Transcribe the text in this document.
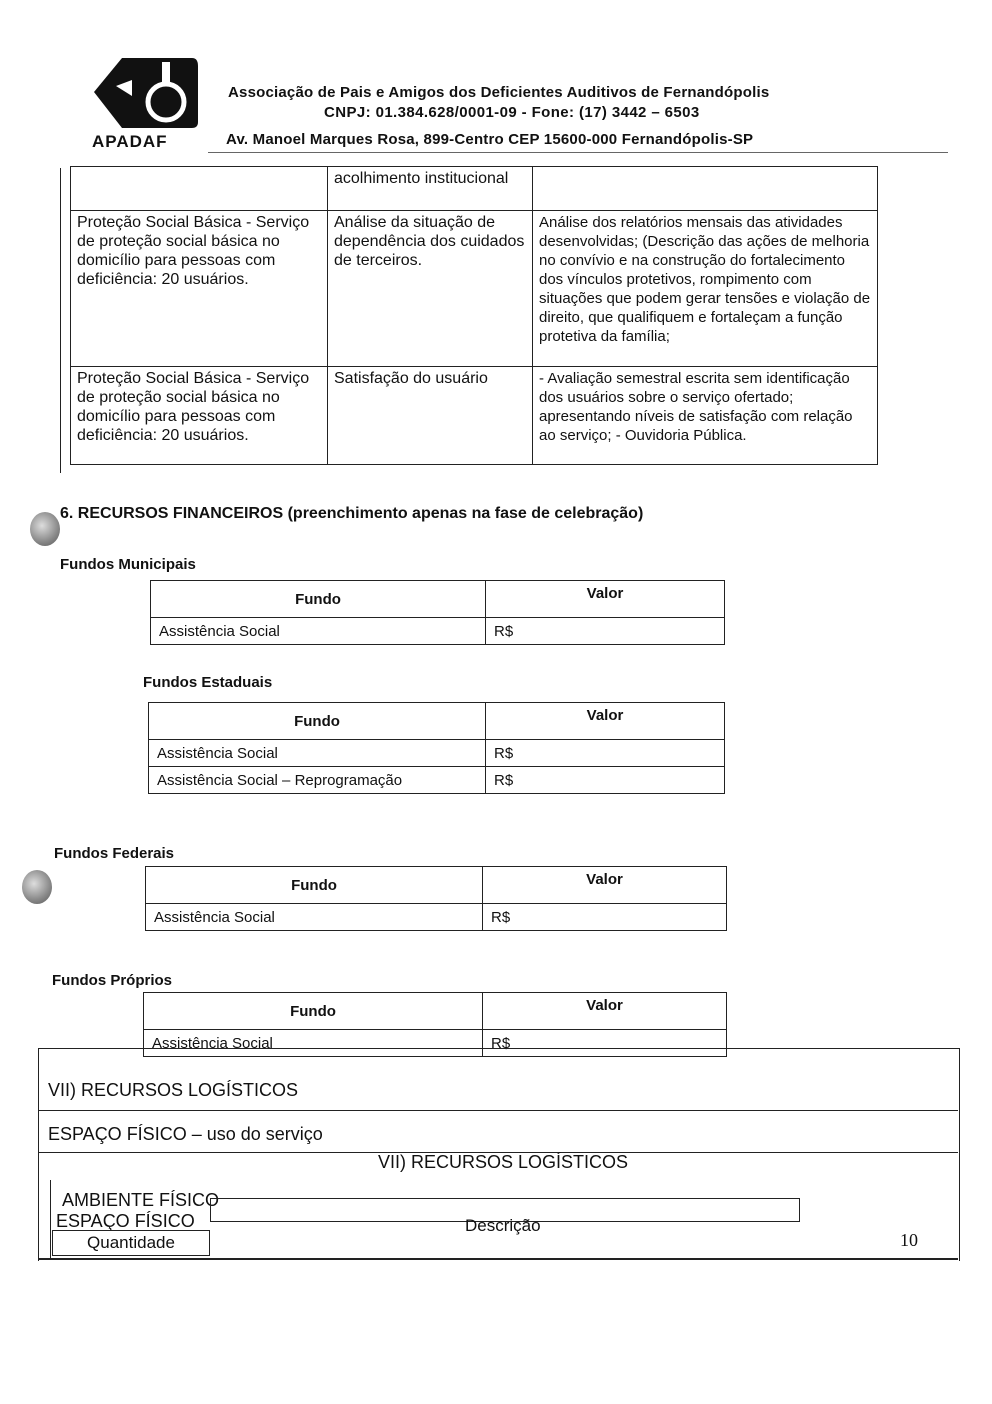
APADAF
Associação de Pais e Amigos dos Deficientes Auditivos de Fernandópolis
CNPJ: 01.384.628/0001-09 - Fone: (17) 3442 – 6503
Av. Manoel Marques Rosa, 899-Centro CEP 15600-000 Fernandópolis-SP
	acolhimento institucional	
Proteção Social Básica - Serviço de proteção social básica no domicílio para pessoas com deficiência: 20 usuários.	Análise da situação de dependência dos cuidados de terceiros.	Análise dos relatórios mensais das atividades desenvolvidas; (Descrição das ações de melhoria no convívio e na construção do fortalecimento dos vínculos protetivos, rompimento com situações que podem gerar tensões e violação de direito, que qualifiquem e fortaleçam a função protetiva da família;
Proteção Social Básica - Serviço de proteção social básica no domicílio para pessoas com deficiência: 20 usuários.	Satisfação do usuário	- Avaliação semestral escrita sem identificação dos usuários sobre o serviço ofertado; apresentando níveis de satisfação com relação ao serviço; - Ouvidoria Pública.
6. RECURSOS FINANCEIROS (preenchimento apenas na fase de celebração)
Fundos Municipais
Fundo	Valor
Assistência Social	R$
Fundos Estaduais
Fundo	Valor
Assistência Social	R$
Assistência Social – Reprogramação	R$
Fundos Federais
Fundo	Valor
Assistência Social	R$
Fundos Próprios
Fundo	Valor
Assistência Social	R$
VII) RECURSOS LOGÍSTICOS
ESPAÇO FÍSICO – uso do serviço
VII) RECURSOS LOGÍSTICOS
AMBIENTE FÍSICO
ESPAÇO FÍSICO
Quantidade
Descrição
10
